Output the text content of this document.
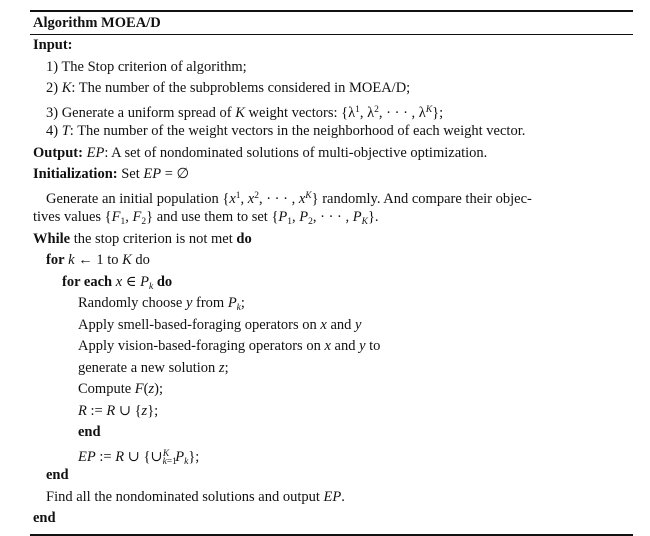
Algorithm MOEA/D
Input:
1) The Stop criterion of algorithm;
2) K: The number of the subproblems considered in MOEA/D;
3) Generate a uniform spread of K weight vectors: {$\lambda^1$, $\lambda^2$, · · · , $\lambda^K$};
4) T: The number of the weight vectors in the neighborhood of each weight vector.
Output: EP: A set of nondominated solutions of multi-objective optimization.
Initialization: Set EP = ∅
Generate an initial population {$x^1$, $x^2$, · · · , $x^K$} randomly. And compare their objec-
tives values {$F_1$, $F_2$} and use them to set {$P_1$, $P_2$, · · · , $P_K$}.
While the stop criterion is not met do
for k ← 1 to K do
for each x ∈ $P_k$ do
Randomly choose y from $P_k$;
Apply smell-based-foraging operators on x and y
Apply vision-based-foraging operators on x and y to
generate a new solution z;
Compute F(z);
R := R ∪ {z};
end
EP := R ∪ {$\cup_{k=1}^K$ $P_k$};
end
Find all the nondominated solutions and output EP.
end
